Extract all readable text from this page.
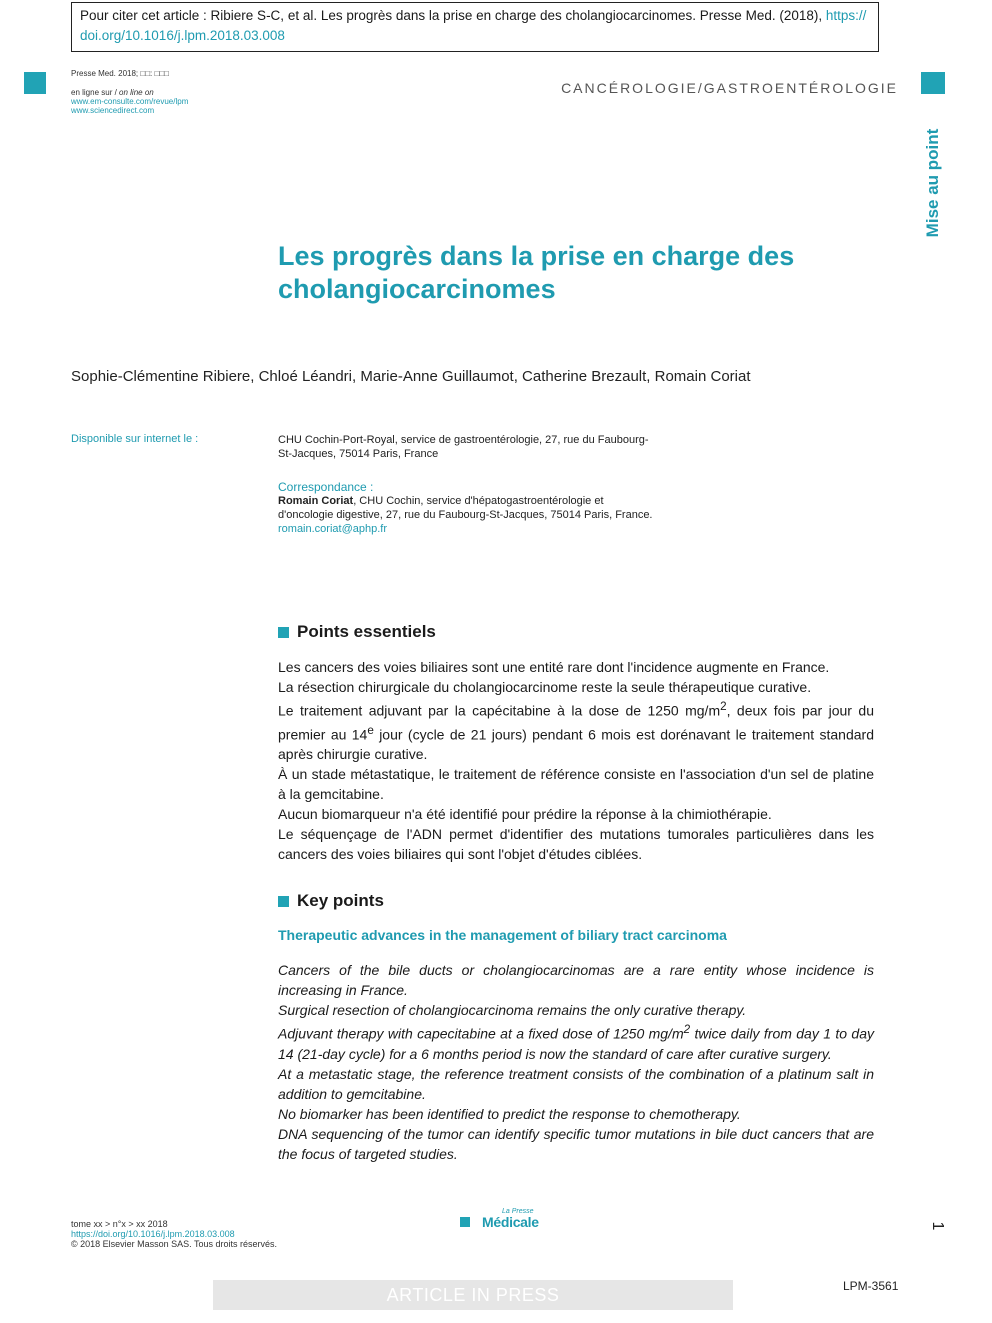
Pour citer cet article : Ribiere S-C, et al. Les progrès dans la prise en charge des cholangiocarcinomes. Presse Med. (2018), https://
doi.org/10.1016/j.lpm.2018.03.008
Presse Med. 2018; □□: □□□
en ligne sur / on line on
www.em-consulte.com/revue/lpm
www.sciencedirect.com
CANCÉROLOGIE/GASTROENTÉROLOGIE
Mise au point
Les progrès dans la prise en charge des cholangiocarcinomes
Sophie-Clémentine Ribiere, Chloé Léandri, Marie-Anne Guillaumot, Catherine Brezault, Romain Coriat
Disponible sur internet le :	CHU Cochin-Port-Royal, service de gastroentérologie, 27, rue du Faubourg-St-Jacques, 75014 Paris, France
Correspondance :
Romain Coriat, CHU Cochin, service d'hépatogastroentérologie et d'oncologie digestive, 27, rue du Faubourg-St-Jacques, 75014 Paris, France.
romain.coriat@aphp.fr
Points essentiels

Les cancers des voies biliaires sont une entité rare dont l'incidence augmente en France.

La résection chirurgicale du cholangiocarcinome reste la seule thérapeutique curative.

Le traitement adjuvant par la capécitabine à la dose de 1250 $mg/m^2$, deux fois par jour du premier au 14e jour (cycle de 21 jours) pendant 6 mois est dorénavant le traitement standard après chirurgie curative.

À un stade métastatique, le traitement de référence consiste en l'association d'un sel de platine à la gemcitabine.

Aucun biomarqueur n'a été identifié pour prédire la réponse à la chimiothérapie.

Le séquençage de l'ADN permet d'identifier des mutations tumorales particulières dans les cancers des voies biliaires qui sont l'objet d'études ciblées.

Key points
Therapeutic advances in the management of biliary tract carcinoma

Cancers of the bile ducts or cholangiocarcinomas are a rare entity whose incidence is increasing in France.

Surgical resection of cholangiocarcinoma remains the only curative therapy.

Adjuvant therapy with capecitabine at a fixed dose of 1250 $mg/m^2$ twice daily from day 1 to day 14 (21-day cycle) for a 6 months period is now the standard of care after curative surgery.

At a metastatic stage, the reference treatment consists of the combination of a platinum salt in addition to gemcitabine.

No biomarker has been identified to predict the response to chemotherapy.

DNA sequencing of the tumor can identify specific tumor mutations in bile duct cancers that are the focus of targeted studies.

tome xx > n°x > xx 2018
https://doi.org/10.1016/j.lpm.2018.03.008
© 2018 Elsevier Masson SAS. Tous droits réservés.
La Presse
Médicale	1
ARTICLE IN PRESS	LPM-3561
